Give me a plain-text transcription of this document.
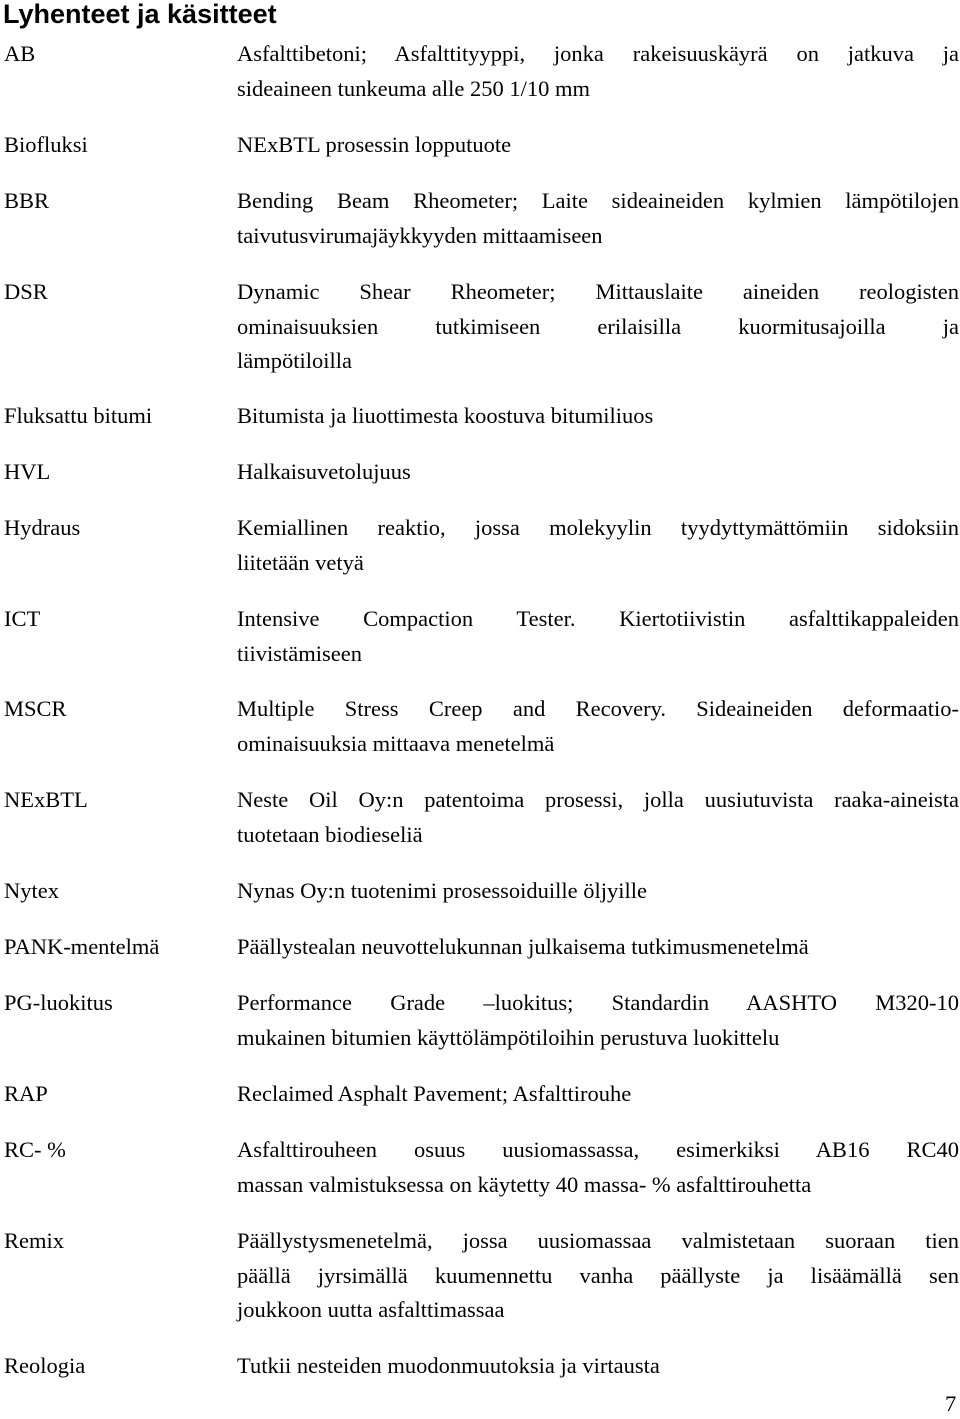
Lyhenteet ja käsitteet
AB	Asfalttibetoni; Asfalttityyppi, jonka rakeisuuskäyrä on jatkuva ja
sideaineen tunkeuma alle 250 1/10 mm
Biofluksi	NExBTL prosessin lopputuote
BBR	Bending Beam Rheometer; Laite sideaineiden kylmien lämpötilojen
taivutusvirumajäykkyyden mittaamiseen
DSR	Dynamic Shear Rheometer; Mittauslaite aineiden reologisten
ominaisuuksien tutkimiseen erilaisilla kuormitusajoilla ja
lämpötiloilla
Fluksattu bitumi	Bitumista ja liuottimesta koostuva bitumiliuos
HVL	Halkaisuvetolujuus
Hydraus	Kemiallinen reaktio, jossa molekyylin tyydyttymättömiin sidoksiin
liitetään vetyä
ICT	Intensive Compaction Tester. Kiertotiivistin asfalttikappaleiden
tiivistämiseen
MSCR	Multiple Stress Creep and Recovery. Sideaineiden deformaatio-
ominaisuuksia mittaava menetelmä
NExBTL	Neste Oil Oy:n patentoima prosessi, jolla uusiutuvista raaka-aineista
tuotetaan biodieseliä
Nytex	Nynas Oy:n tuotenimi prosessoiduille öljyille
PANK-mentelmä	Päällystealan neuvottelukunnan julkaisema tutkimusmenetelmä
PG-luokitus	Performance Grade –luokitus; Standardin AASHTO M320-10
mukainen bitumien käyttölämpötiloihin perustuva luokittelu
RAP	Reclaimed Asphalt Pavement; Asfalttirouhe
RC- %	Asfalttirouheen osuus uusiomassassa, esimerkiksi AB16 RC40
massan valmistuksessa on käytetty 40 massa- % asfalttirouhetta
Remix	Päällystysmenetelmä, jossa uusiomassaa valmistetaan suoraan tien
päällä jyrsimällä kuumennettu vanha päällyste ja lisäämällä sen
joukkoon uutta asfalttimassaa
Reologia	Tutkii nesteiden muodonmuutoksia ja virtausta
7
